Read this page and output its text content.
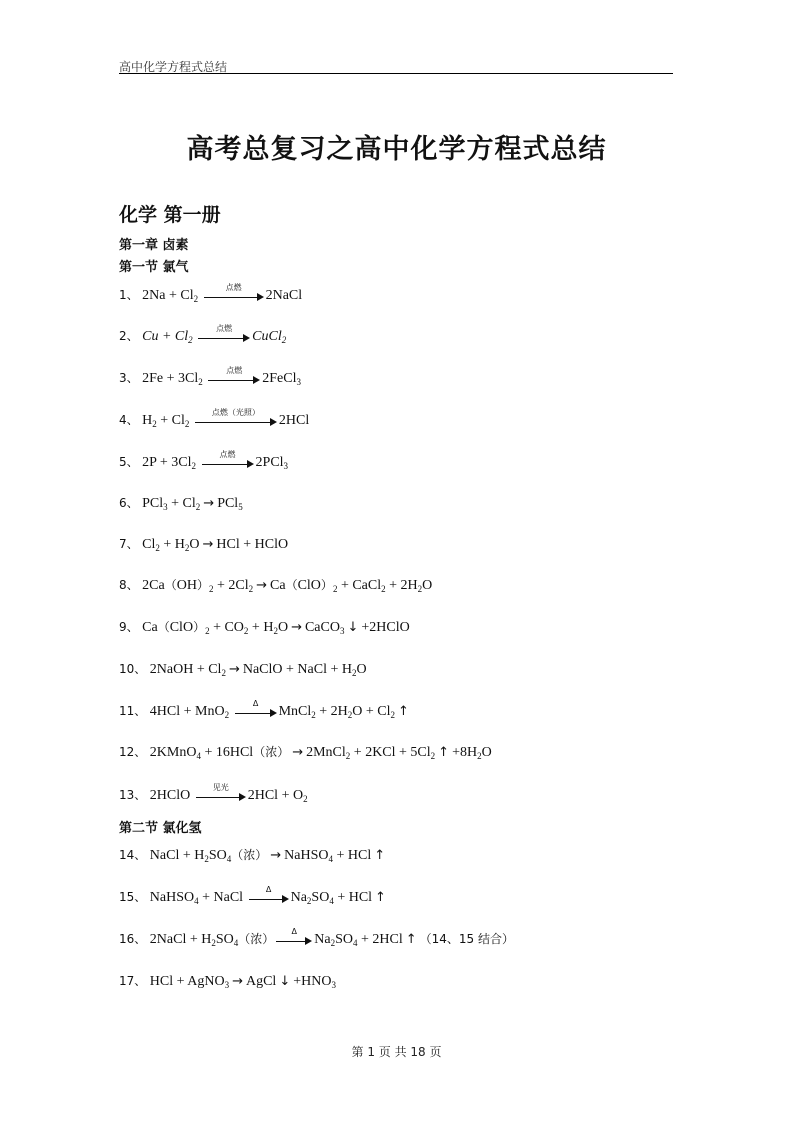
高中化学方程式总结
高考总复习之高中化学方程式总结
化学 第一册
第一章 卤素
第一节 氯气
1、 $2Na + Cl_2$
点燃
2NaCl
2、 $Cu + Cl_2$
点燃
CuCl$_2$
3、 $2Fe + 3Cl_2$
点燃
2FeCl$_3$
4、 $H_2 + Cl_2$
点燃（光照）
2HCl
5、 $2P + 3Cl_2$
点燃
2PCl$_3$
6、 $PCl_3 + Cl_2 \to PCl_5$
7、 $Cl_2 + H_2O$ → HCl + HClO
8、 $2Ca(OH)_2 + 2Cl_2 \to Ca(ClO)_2$ + CaCl$_2$ + $2H_2O$
9、 $Ca(ClO)_2 + CO_2 + H_2O$ → CaCO$_3$ ↓ +2HClO
10、 2NaOH + $Cl_2$ → NaClO + NaCl + $H_2O$
11、 4HCl + MnO$_2$
Δ
MnCl$_2$ + $2H_2O + Cl_2$ ↑
12、 2KMnO$_4$ + 16HCl（浓） → 2MnCl$_2$ + $2KCl + 5Cl_2$ ↑ $+8H_2O$
13、 2HClO
见光
$2HCl + O_2$
第二节 氯化氢
14、 NaCl + $H_2SO_4$（浓） → NaHSO$_4$ + HCl ↑
15、 NaHSO$_4$ + NaCl
Δ
$Na_2SO_4$ + HCl ↑
16、 2NaCl + $H_2SO_4$（浓）
Δ
$Na_2SO_4 + 2HCl$ ↑ （14、15 结合）
17、 HCl + AgNO$_3$ → AgCl ↓ $+HNO_3$
第 1 页 共 18 页
